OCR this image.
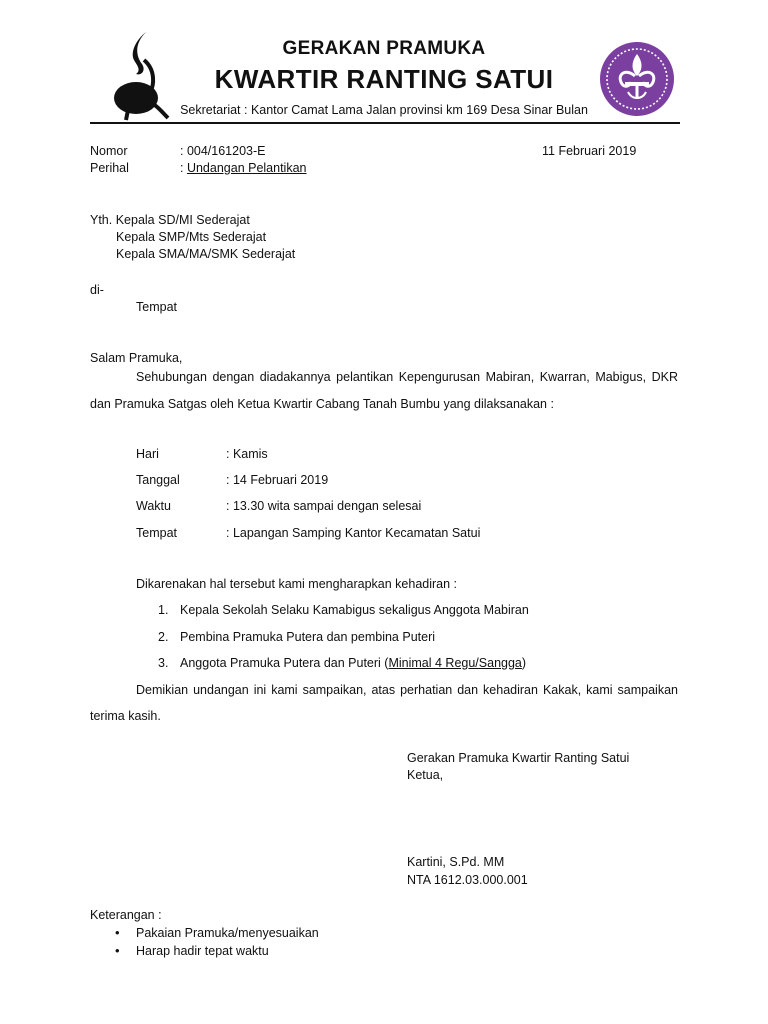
GERAKAN PRAMUKA
KWARTIR RANTING SATUI
Sekretariat : Kantor Camat Lama Jalan provinsi km 169 Desa Sinar Bulan
Nomor	: 004/161203-E	11 Februari 2019
Perihal	: Undangan Pelantikan
Yth. Kepala SD/MI Sederajat
Kepala SMP/Mts Sederajat
Kepala SMA/MA/SMK Sederajat
di-
Tempat
Salam Pramuka,
Sehubungan dengan diadakannya pelantikan Kepengurusan Mabiran, Kwarran, Mabigus, DKR
dan Pramuka Satgas oleh Ketua Kwartir Cabang Tanah Bumbu yang dilaksanakan :
Hari	: Kamis
Tanggal	: 14 Februari 2019
Waktu	: 13.30 wita sampai dengan selesai
Tempat	: Lapangan Samping Kantor Kecamatan Satui
Dikarenakan hal tersebut kami mengharapkan kehadiran :
1. Kepala Sekolah Selaku Kamabigus sekaligus Anggota Mabiran
2. Pembina Pramuka Putera dan pembina Puteri
3. Anggota Pramuka Putera dan Puteri (Minimal 4 Regu/Sangga)
Demikian undangan ini kami sampaikan, atas perhatian dan kehadiran Kakak, kami sampaikan
terima kasih.
Gerakan Pramuka Kwartir Ranting Satui
Ketua,
Kartini, S.Pd. MM
NTA 1612.03.000.001
Keterangan :
• Pakaian Pramuka/menyesuaikan
• Harap hadir tepat waktu
